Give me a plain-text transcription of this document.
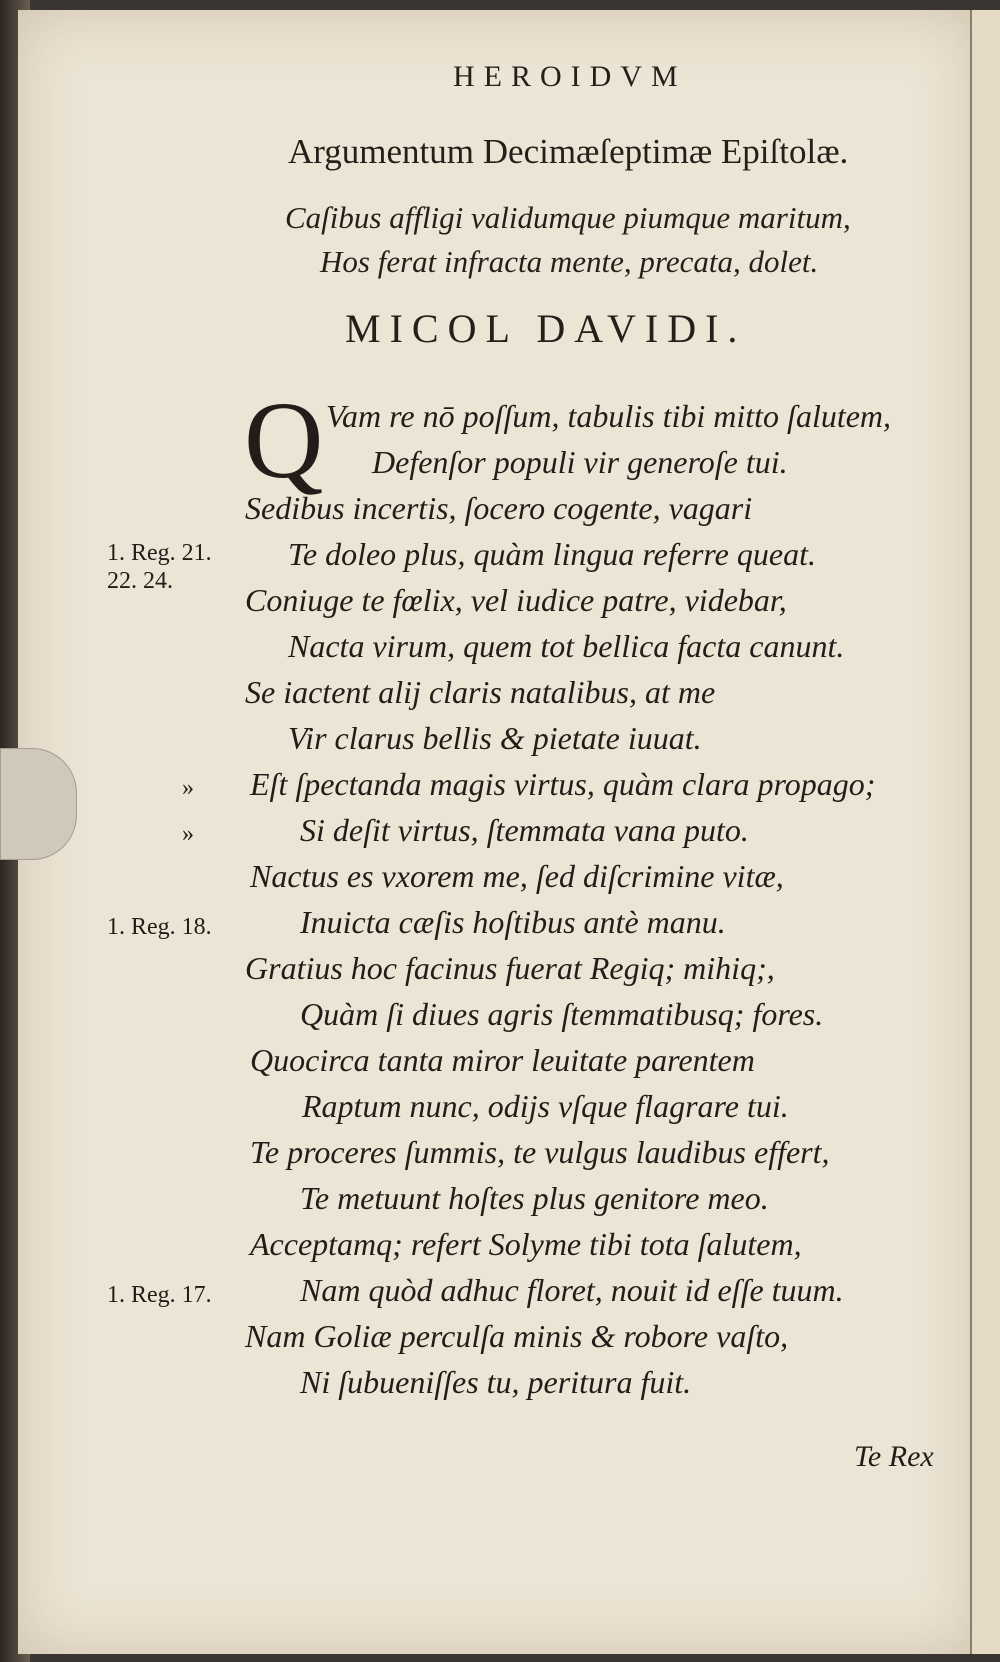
HEROIDVM
Argumentum Decimæſeptimæ Epiſtolæ.
Caſibus affligi validumque piumque maritum,
Hos ferat infracta mente, precata, dolet.
MICOL DAVIDI.
Q Vam re nō poſſum, tabulis tibi mitto ſalutem,
Defenſor populi vir generoſe tui.
Sedibus incertis, ſocero cogente, vagari
Te doleo plus, quàm lingua referre queat.
Coniuge te fœlix, vel iudice patre, videbar,
Nacta virum, quem tot bellica facta canunt.
Se iactent alij claris natalibus, at me
Vir clarus bellis & pietate iuuat.
Eſt ſpectanda magis virtus, quàm clara propago;
Si deſit virtus, ſtemmata vana puto.
Nactus es vxorem me, ſed diſcrimine vitæ,
Inuicta cæſis hoſtibus antè manu.
Gratius hoc facinus fuerat Regiq; mihiq;,
Quàm ſi diues agris ſtemmatibusq; fores.
Quocirca tanta miror leuitate parentem
Raptum nunc, odijs vſque flagrare tui.
Te proceres ſummis, te vulgus laudibus effert,
Te metuunt hoſtes plus genitore meo.
Acceptamq; refert Solyme tibi tota ſalutem,
Nam quòd adhuc floret, nouit id eſſe tuum.
Nam Goliæ perculſa minis & robore vaſto,
Ni ſubueniſſes tu, peritura fuit.
1. Reg. 21.
22. 24.
»
»
1. Reg. 18.
1. Reg. 17.
Te Rex
